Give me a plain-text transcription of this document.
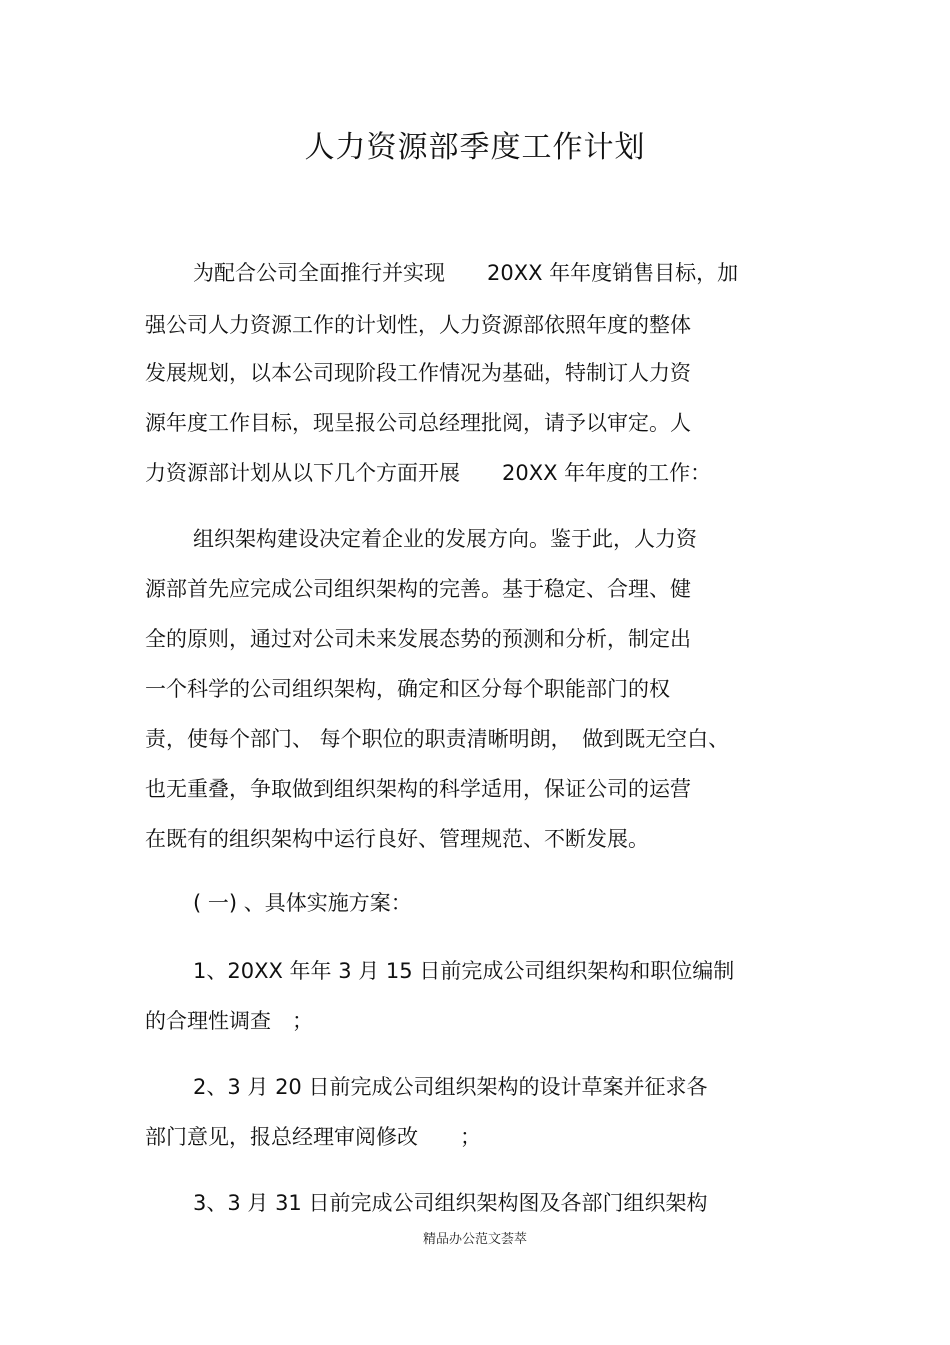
人力资源部季度工作计划

为配合公司全面推行并实现　　20XX 年年度销售目标，加

强公司人力资源工作的计划性，人力资源部依照年度的整体

发展规划，以本公司现阶段工作情况为基础，特制订人力资

源年度工作目标，现呈报公司总经理批阅，请予以审定。人

力资源部计划从以下几个方面开展　　20XX 年年度的工作：

组织架构建设决定着企业的发展方向。鉴于此，人力资

源部首先应完成公司组织架构的完善。基于稳定、合理、健

全的原则，通过对公司未来发展态势的预测和分析，制定出

一个科学的公司组织架构，确定和区分每个职能部门的权

责，使每个部门、 每个职位的职责清晰明朗，　做到既无空白、

也无重叠，争取做到组织架构的科学适用，保证公司的运营

在既有的组织架构中运行良好、管理规范、不断发展。

( 一) 、具体实施方案：

1、20XX 年年 3 月 15 日前完成公司组织架构和职位编制

的合理性调查　；

2、3 月 20 日前完成公司组织架构的设计草案并征求各

部门意见，报总经理审阅修改　　；

3、3 月 31 日前完成公司组织架构图及各部门组织架构

精品办公范文荟萃
